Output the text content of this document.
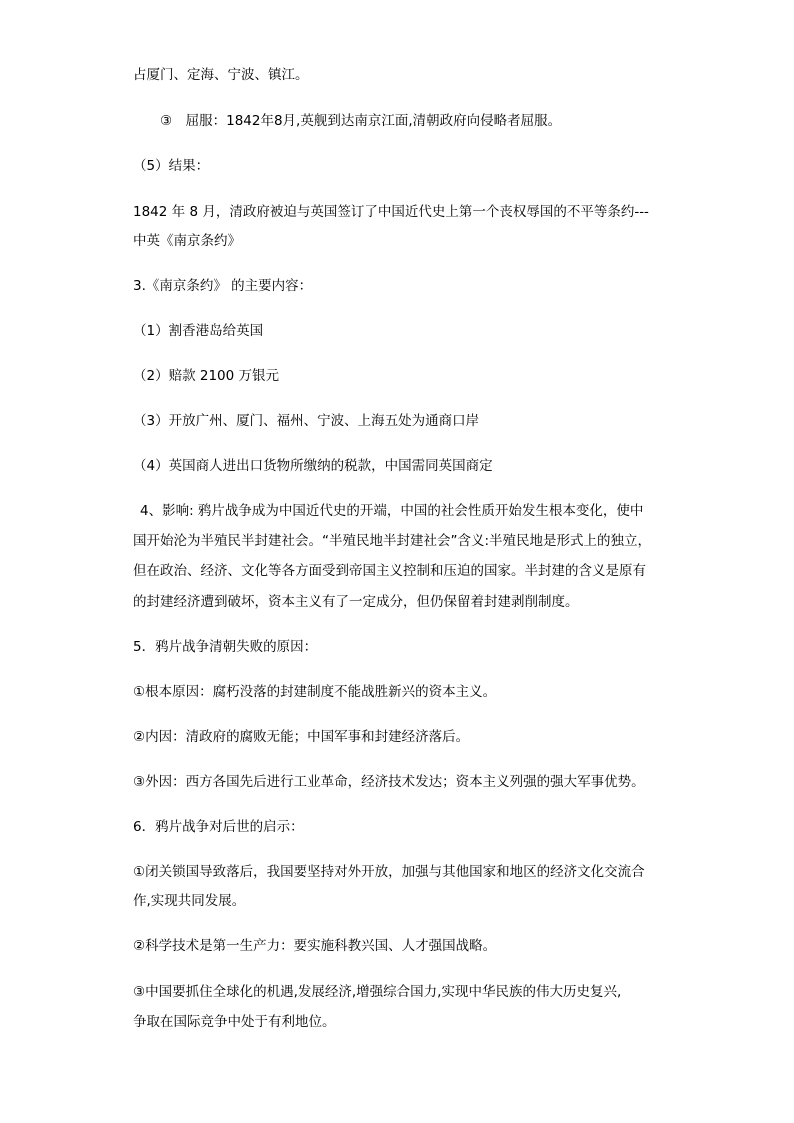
占厦门、定海、宁波、镇江。
③　屈服：1842年8月,英舰到达南京江面,清朝政府向侵略者屈服。
（5）结果：
1842 年 8 月，清政府被迫与英国签订了中国近代史上第一个丧权辱国的不平等条约---
中英《南京条约》
3.《南京条约》 的主要内容：
（1）割香港岛给英国
（2）赔款 2100 万银元
（3）开放广州、厦门、福州、宁波、上海五处为通商口岸
（4）英国商人进出口货物所缴纳的税款，中国需同英国商定
4、影响: 鸦片战争成为中国近代史的开端，中国的社会性质开始发生根本变化，使中
国开始沦为半殖民半封建社会。“半殖民地半封建社会”含义:半殖民地是形式上的独立，
但在政治、经济、文化等各方面受到帝国主义控制和压迫的国家。半封建的含义是原有
的封建经济遭到破坏，资本主义有了一定成分，但仍保留着封建剥削制度。
5．鸦片战争清朝失败的原因：
①根本原因：腐朽没落的封建制度不能战胜新兴的资本主义。
②内因：清政府的腐败无能；中国军事和封建经济落后。
③外因：西方各国先后进行工业革命，经济技术发达；资本主义列强的强大军事优势。
6．鸦片战争对后世的启示：
①闭关锁国导致落后，我国要坚持对外开放，加强与其他国家和地区的经济文化交流合
作,实现共同发展。
②科学技术是第一生产力：要实施科教兴国、人才强国战略。
③中国要抓住全球化的机遇,发展经济,增强综合国力,实现中华民族的伟大历史复兴,
争取在国际竞争中处于有利地位。
